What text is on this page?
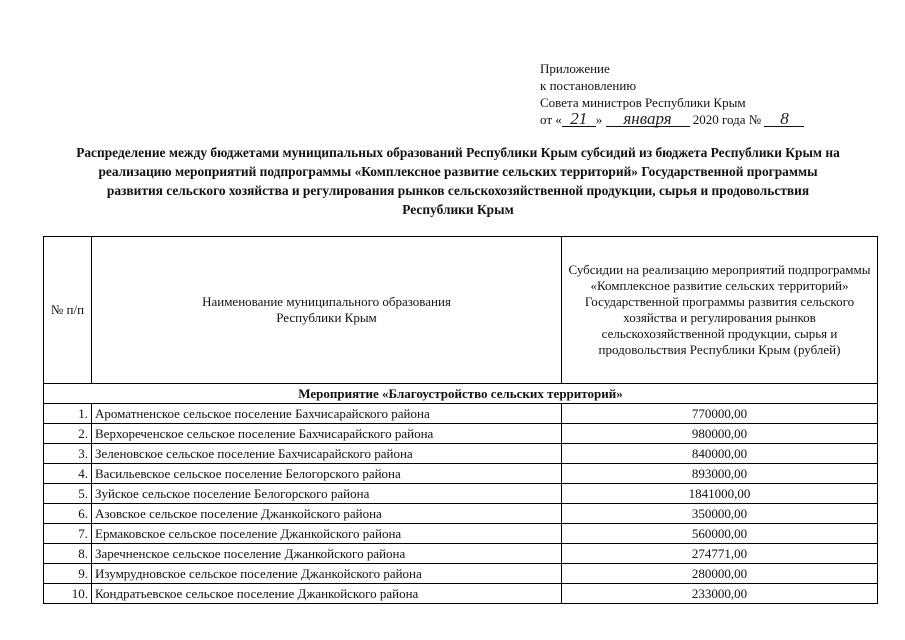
Приложение
к постановлению
Совета министров Республики Крым
от « 21 » января 2020 года № 8
Распределение между бюджетами муниципальных образований Республики Крым субсидий из бюджета Республики Крым на реализацию мероприятий подпрограммы «Комплексное развитие сельских территорий» Государственной программы развития сельского хозяйства и регулирования рынков сельскохозяйственной продукции, сырья и продовольствия Республики Крым
№ п/п	Наименование муниципального образования Республики Крым	Субсидии на реализацию мероприятий подпрограммы «Комплексное развитие сельских территорий» Государственной программы развития сельского хозяйства и регулирования рынков сельскохозяйственной продукции, сырья и продовольствия Республики Крым (рублей)
Мероприятие «Благоустройство сельских территорий»		
1.	Ароматненское сельское поселение Бахчисарайского района	770000,00
2.	Верхореченское сельское поселение Бахчисарайского района	980000,00
3.	Зеленовское сельское поселение Бахчисарайского района	840000,00
4.	Васильевское сельское поселение Белогорского района	893000,00
5.	Зуйское сельское поселение Белогорского района	1841000,00
6.	Азовское сельское поселение Джанкойского района	350000,00
7.	Ермаковское сельское поселение Джанкойского района	560000,00
8.	Заречненское сельское поселение Джанкойского района	274771,00
9.	Изумрудновское сельское поселение Джанкойского района	280000,00
10.	Кондратьевское сельское поселение Джанкойского района	233000,00
